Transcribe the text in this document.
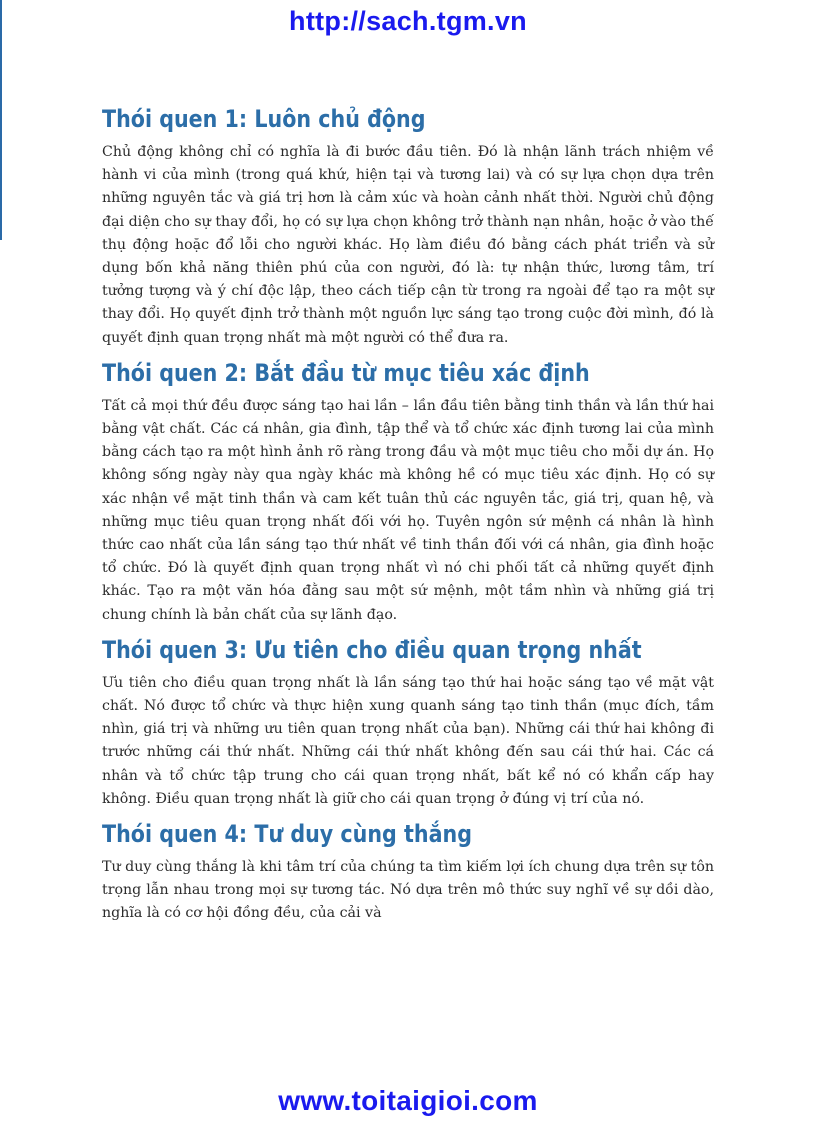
http://sach.tgm.vn
Thói quen 1: Luôn chủ động

Chủ động không chỉ có nghĩa là đi bước đầu tiên. Đó là nhận lãnh trách nhiệm về hành vi của mình (trong quá khứ, hiện tại và tương lai) và có sự lựa chọn dựa trên những nguyên tắc và giá trị hơn là cảm xúc và hoàn cảnh nhất thời. Người chủ động đại diện cho sự thay đổi, họ có sự lựa chọn không trở thành nạn nhân, hoặc ở vào thế thụ động hoặc đổ lỗi cho người khác. Họ làm điều đó bằng cách phát triển và sử dụng bốn khả năng thiên phú của con người, đó là: tự nhận thức, lương tâm, trí tưởng tượng và ý chí độc lập, theo cách tiếp cận từ trong ra ngoài để tạo ra một sự thay đổi. Họ quyết định trở thành một nguồn lực sáng tạo trong cuộc đời mình, đó là quyết định quan trọng nhất mà một người có thể đưa ra.

Thói quen 2: Bắt đầu từ mục tiêu xác định

Tất cả mọi thứ đều được sáng tạo hai lần – lần đầu tiên bằng tinh thần và lần thứ hai bằng vật chất. Các cá nhân, gia đình, tập thể và tổ chức xác định tương lai của mình bằng cách tạo ra một hình ảnh rõ ràng trong đầu và một mục tiêu cho mỗi dự án. Họ không sống ngày này qua ngày khác mà không hề có mục tiêu xác định. Họ có sự xác nhận về mặt tinh thần và cam kết tuân thủ các nguyên tắc, giá trị, quan hệ, và những mục tiêu quan trọng nhất đối với họ. Tuyên ngôn sứ mệnh cá nhân là hình thức cao nhất của lần sáng tạo thứ nhất về tinh thần đối với cá nhân, gia đình hoặc tổ chức. Đó là quyết định quan trọng nhất vì nó chi phối tất cả những quyết định khác. Tạo ra một văn hóa đằng sau một sứ mệnh, một tầm nhìn và những giá trị chung chính là bản chất của sự lãnh đạo.

Thói quen 3: Ưu tiên cho điều quan trọng nhất

Ưu tiên cho điều quan trọng nhất là lần sáng tạo thứ hai hoặc sáng tạo về mặt vật chất. Nó được tổ chức và thực hiện xung quanh sáng tạo tinh thần (mục đích, tầm nhìn, giá trị và những ưu tiên quan trọng nhất của bạn). Những cái thứ hai không đi trước những cái thứ nhất. Những cái thứ nhất không đến sau cái thứ hai. Các cá nhân và tổ chức tập trung cho cái quan trọng nhất, bất kể nó có khẩn cấp hay không. Điều quan trọng nhất là giữ cho cái quan trọng ở đúng vị trí của nó.

Thói quen 4: Tư duy cùng thắng

Tư duy cùng thắng là khi tâm trí của chúng ta tìm kiếm lợi ích chung dựa trên sự tôn trọng lẫn nhau trong mọi sự tương tác. Nó dựa trên mô thức suy nghĩ về sự dồi dào, nghĩa là có cơ hội đồng đều, của cải và

www.toitaigioi.com
